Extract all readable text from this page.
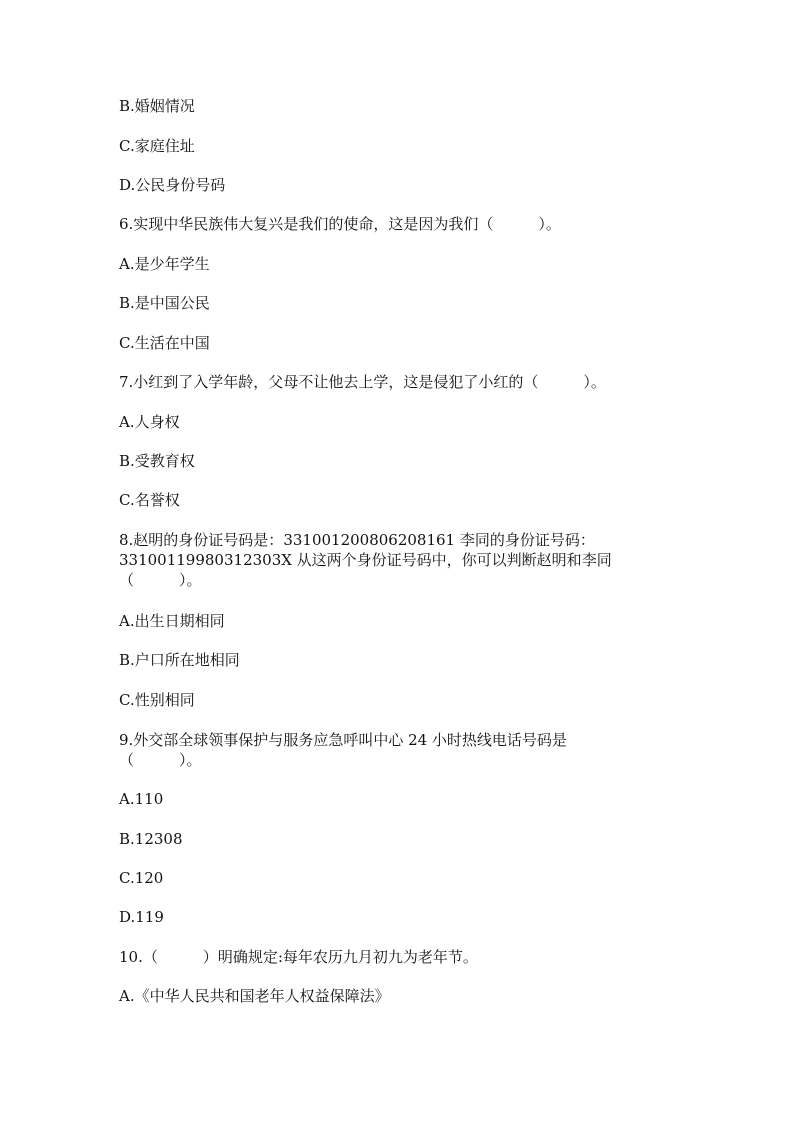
B.婚姻情况
C.家庭住址
D.公民身份号码
6.实现中华民族伟大复兴是我们的使命，这是因为我们（　　　）。
A.是少年学生
B.是中国公民
C.生活在中国
7.小红到了入学年龄，父母不让他去上学，这是侵犯了小红的（　　　）。
A.人身权
B.受教育权
C.名誉权
8.赵明的身份证号码是：331001200806208161 李同的身份证号码：
33100119980312303X 从这两个身份证号码中，你可以判断赵明和李同
（　　　）。
A.出生日期相同
B.户口所在地相同
C.性别相同
9.外交部全球领事保护与服务应急呼叫中心 24 小时热线电话号码是
（　　　）。
A.110
B.12308
C.120
D.119
10.（　　　）明确规定:每年农历九月初九为老年节。
A.《中华人民共和国老年人权益保障法》
